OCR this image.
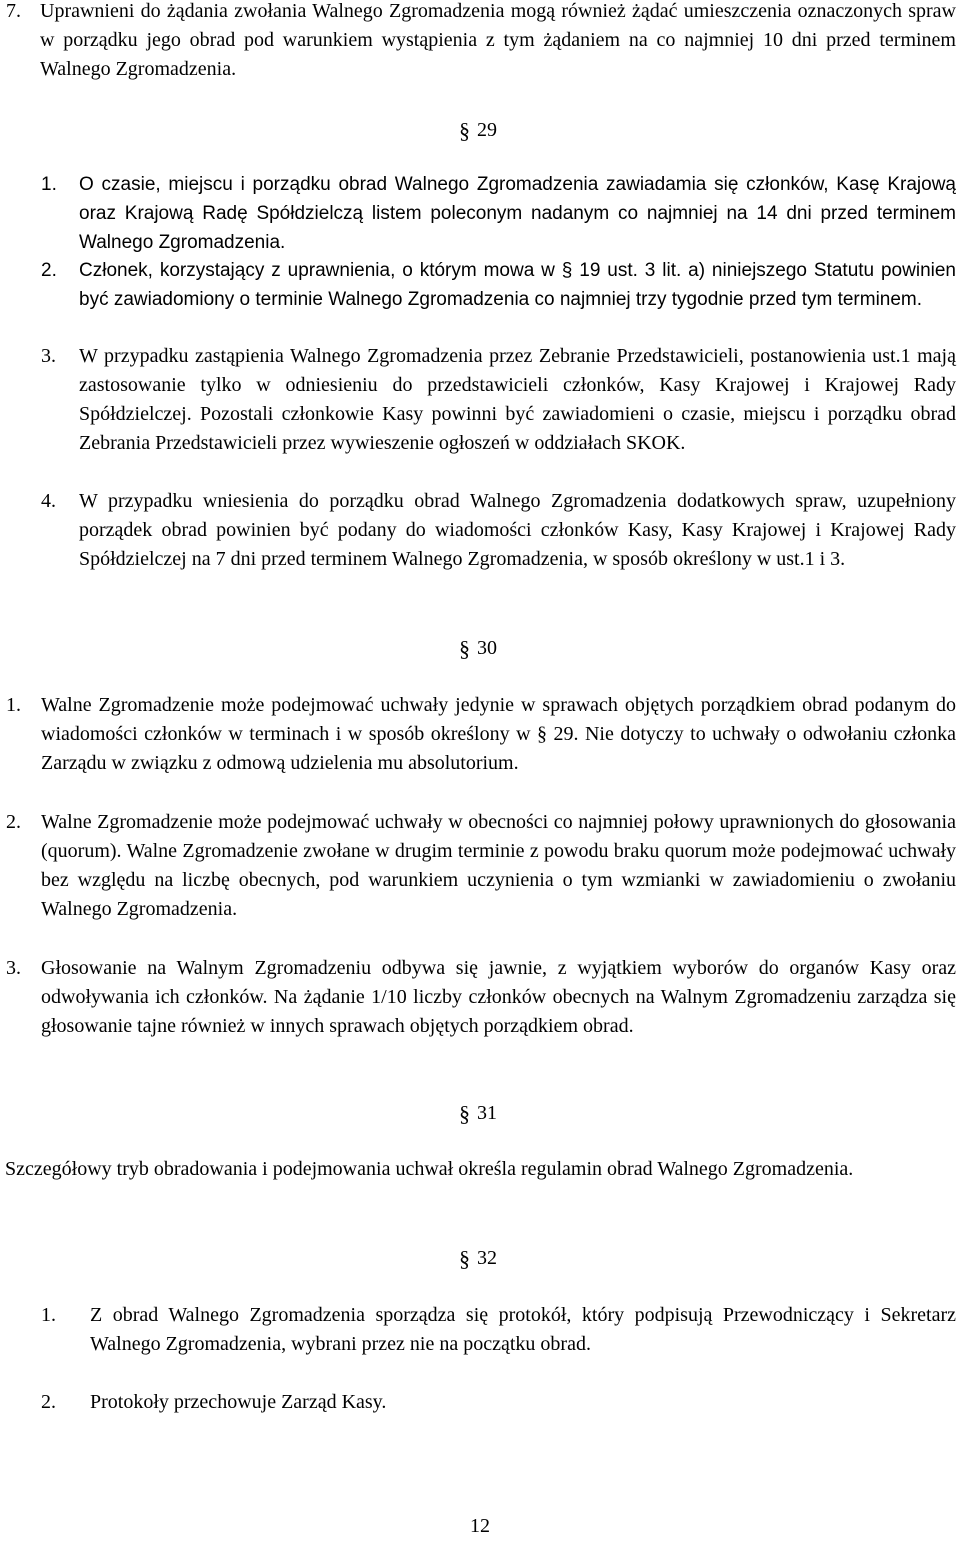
7. Uprawnieni do żądania zwołania Walnego Zgromadzenia mogą również żądać umieszczenia oznaczonych spraw w porządku jego obrad pod warunkiem wystąpienia z tym żądaniem na co najmniej 10 dni przed terminem Walnego Zgromadzenia.
§ 29
1. O czasie, miejscu i porządku obrad Walnego Zgromadzenia zawiadamia się członków, Kasę Krajową oraz Krajową Radę Spółdzielczą listem poleconym nadanym co najmniej na 14 dni przed terminem Walnego Zgromadzenia.
2. Członek, korzystający z uprawnienia, o którym mowa w § 19 ust. 3 lit. a) niniejszego Statutu powinien być zawiadomiony o terminie Walnego Zgromadzenia co najmniej trzy tygodnie przed tym terminem.
3. W przypadku zastąpienia Walnego Zgromadzenia przez Zebranie Przedstawicieli, postanowienia ust.1 mają zastosowanie tylko w odniesieniu do przedstawicieli członków, Kasy Krajowej i Krajowej Rady Spółdzielczej. Pozostali członkowie Kasy powinni być zawiadomieni o czasie, miejscu i porządku obrad Zebrania Przedstawicieli przez wywieszenie ogłoszeń w oddziałach SKOK.
4. W przypadku wniesienia do porządku obrad Walnego Zgromadzenia dodatkowych spraw, uzupełniony porządek obrad powinien być podany do wiadomości członków Kasy, Kasy Krajowej i Krajowej Rady Spółdzielczej na 7 dni przed terminem Walnego Zgromadzenia, w sposób określony w ust.1 i 3.
§ 30
1. Walne Zgromadzenie może podejmować uchwały jedynie w sprawach objętych porządkiem obrad podanym do wiadomości członków w terminach i w sposób określony w § 29. Nie dotyczy to uchwały o odwołaniu członka Zarządu w związku z odmową udzielenia mu absolutorium.
2. Walne Zgromadzenie może podejmować uchwały w obecności co najmniej połowy uprawnionych do głosowania (quorum). Walne Zgromadzenie zwołane w drugim terminie z powodu braku quorum może podejmować uchwały bez względu na liczbę obecnych, pod warunkiem uczynienia o tym wzmianki w zawiadomieniu o zwołaniu Walnego Zgromadzenia.
3. Głosowanie na Walnym Zgromadzeniu odbywa się jawnie, z wyjątkiem wyborów do organów Kasy oraz odwoływania ich członków. Na żądanie 1/10 liczby członków obecnych na Walnym Zgromadzeniu zarządza się głosowanie tajne również w innych sprawach objętych porządkiem obrad.
§ 31
Szczegółowy tryb obradowania i podejmowania uchwał określa regulamin obrad Walnego Zgromadzenia.
§ 32
1. Z obrad Walnego Zgromadzenia sporządza się protokół, który podpisują Przewodniczący i Sekretarz Walnego Zgromadzenia, wybrani przez nie na początku obrad.
2. Protokoły przechowuje Zarząd Kasy.
12
